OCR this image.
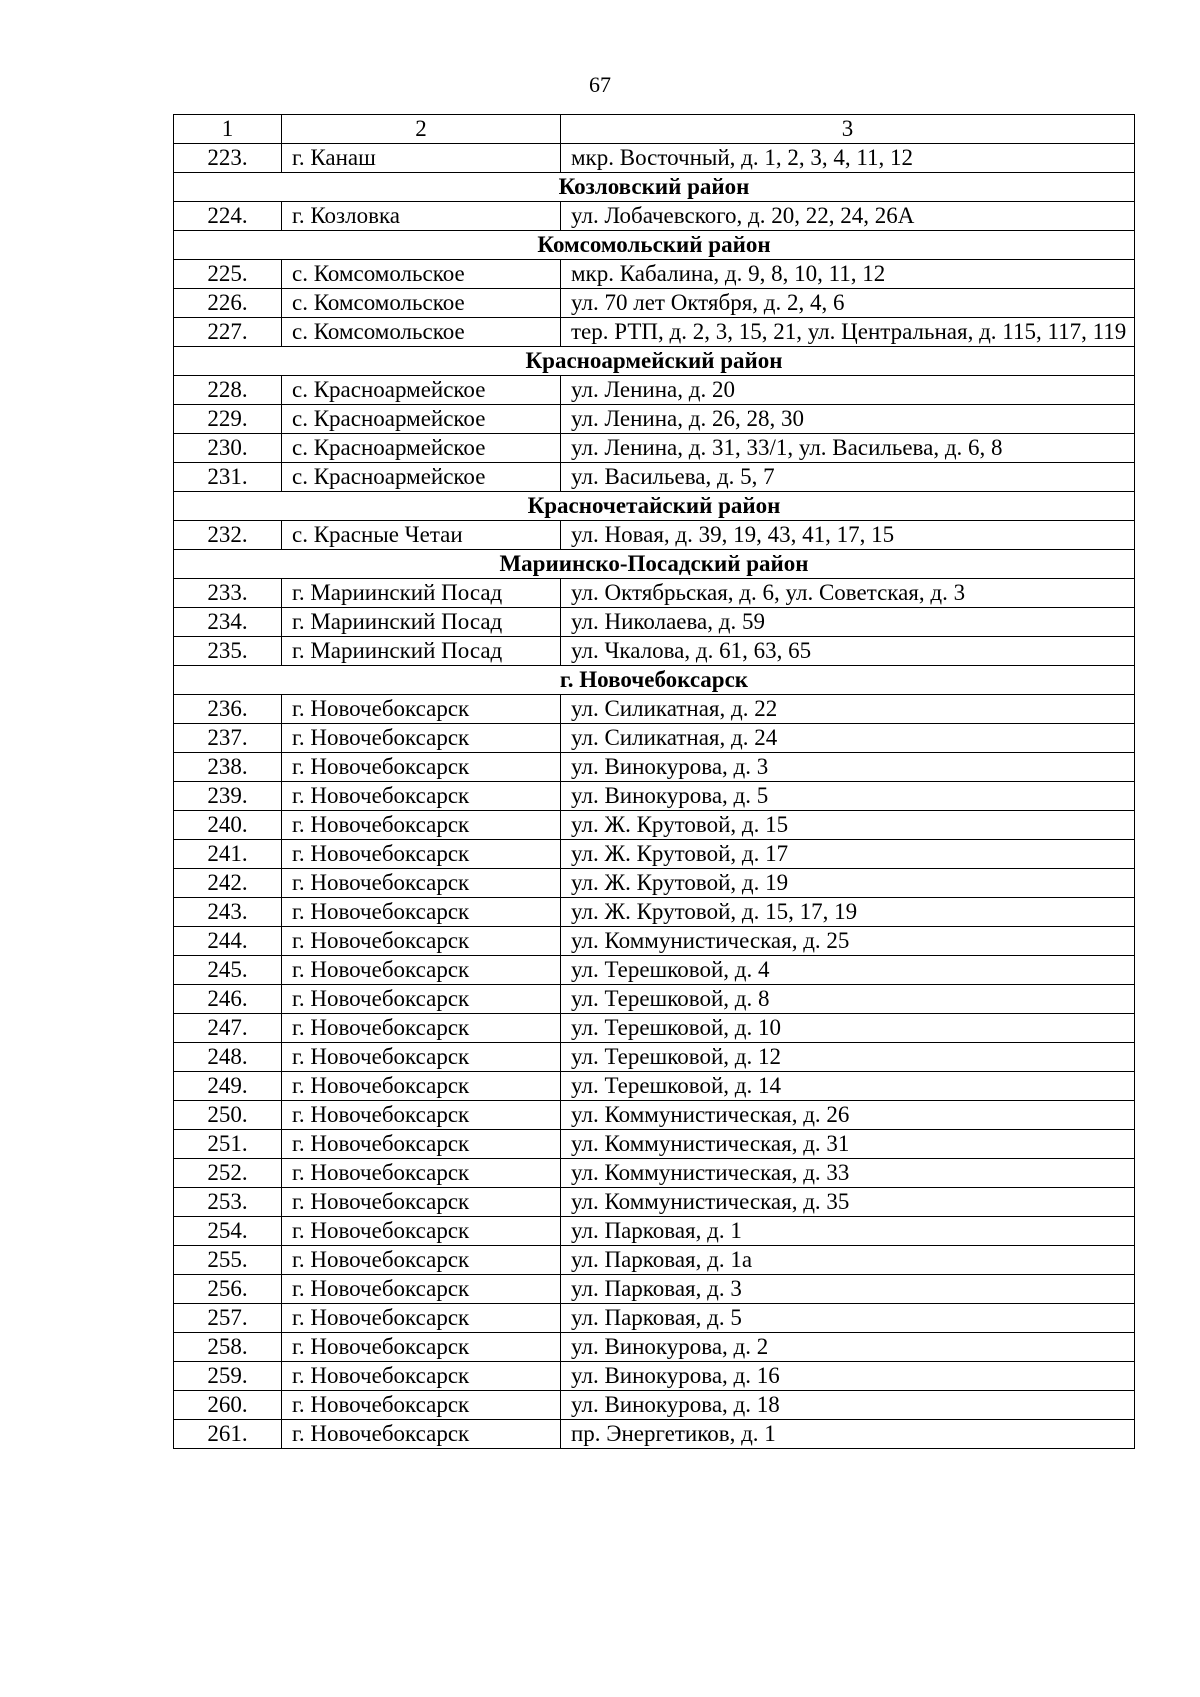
67
1	2	3
223.	г. Канаш	мкр. Восточный, д. 1, 2, 3, 4, 11, 12
Козловский район		
224.	г. Козловка	ул. Лобачевского, д. 20, 22, 24, 26А
Комсомольский район		
225.	с. Комсомольское	мкр. Кабалина, д. 9, 8, 10, 11, 12
226.	с. Комсомольское	ул. 70 лет Октября, д. 2, 4, 6
227.	с. Комсомольское	тер. РТП, д. 2, 3, 15, 21, ул. Центральная, д. 115, 117, 119
Красноармейский район		
228.	с. Красноармейское	ул. Ленина, д. 20
229.	с. Красноармейское	ул. Ленина, д. 26, 28, 30
230.	с. Красноармейское	ул. Ленина, д. 31, 33/1, ул. Васильева, д. 6, 8
231.	с. Красноармейское	ул. Васильева, д. 5, 7
Красночетайский район		
232.	с. Красные Четаи	ул. Новая, д. 39, 19, 43, 41, 17, 15
Мариинско-Посадский район		
233.	г. Мариинский Посад	ул. Октябрьская, д. 6, ул. Советская, д. 3
234.	г. Мариинский Посад	ул. Николаева, д. 59
235.	г. Мариинский Посад	ул. Чкалова, д. 61, 63, 65
г. Новочебоксарск		
236.	г. Новочебоксарск	ул. Силикатная, д. 22
237.	г. Новочебоксарск	ул. Силикатная, д. 24
238.	г. Новочебоксарск	ул. Винокурова, д. 3
239.	г. Новочебоксарск	ул. Винокурова, д. 5
240.	г. Новочебоксарск	ул. Ж. Крутовой, д. 15
241.	г. Новочебоксарск	ул. Ж. Крутовой, д. 17
242.	г. Новочебоксарск	ул. Ж. Крутовой, д. 19
243.	г. Новочебоксарск	ул. Ж. Крутовой, д. 15, 17, 19
244.	г. Новочебоксарск	ул. Коммунистическая, д. 25
245.	г. Новочебоксарск	ул. Терешковой, д. 4
246.	г. Новочебоксарск	ул. Терешковой, д. 8
247.	г. Новочебоксарск	ул. Терешковой, д. 10
248.	г. Новочебоксарск	ул. Терешковой, д. 12
249.	г. Новочебоксарск	ул. Терешковой, д. 14
250.	г. Новочебоксарск	ул. Коммунистическая, д. 26
251.	г. Новочебоксарск	ул. Коммунистическая, д. 31
252.	г. Новочебоксарск	ул. Коммунистическая, д. 33
253.	г. Новочебоксарск	ул. Коммунистическая, д. 35
254.	г. Новочебоксарск	ул. Парковая, д. 1
255.	г. Новочебоксарск	ул. Парковая, д. 1а
256.	г. Новочебоксарск	ул. Парковая, д. 3
257.	г. Новочебоксарск	ул. Парковая, д. 5
258.	г. Новочебоксарск	ул. Винокурова, д. 2
259.	г. Новочебоксарск	ул. Винокурова, д. 16
260.	г. Новочебоксарск	ул. Винокурова, д. 18
261.	г. Новочебоксарск	пр. Энергетиков, д. 1
